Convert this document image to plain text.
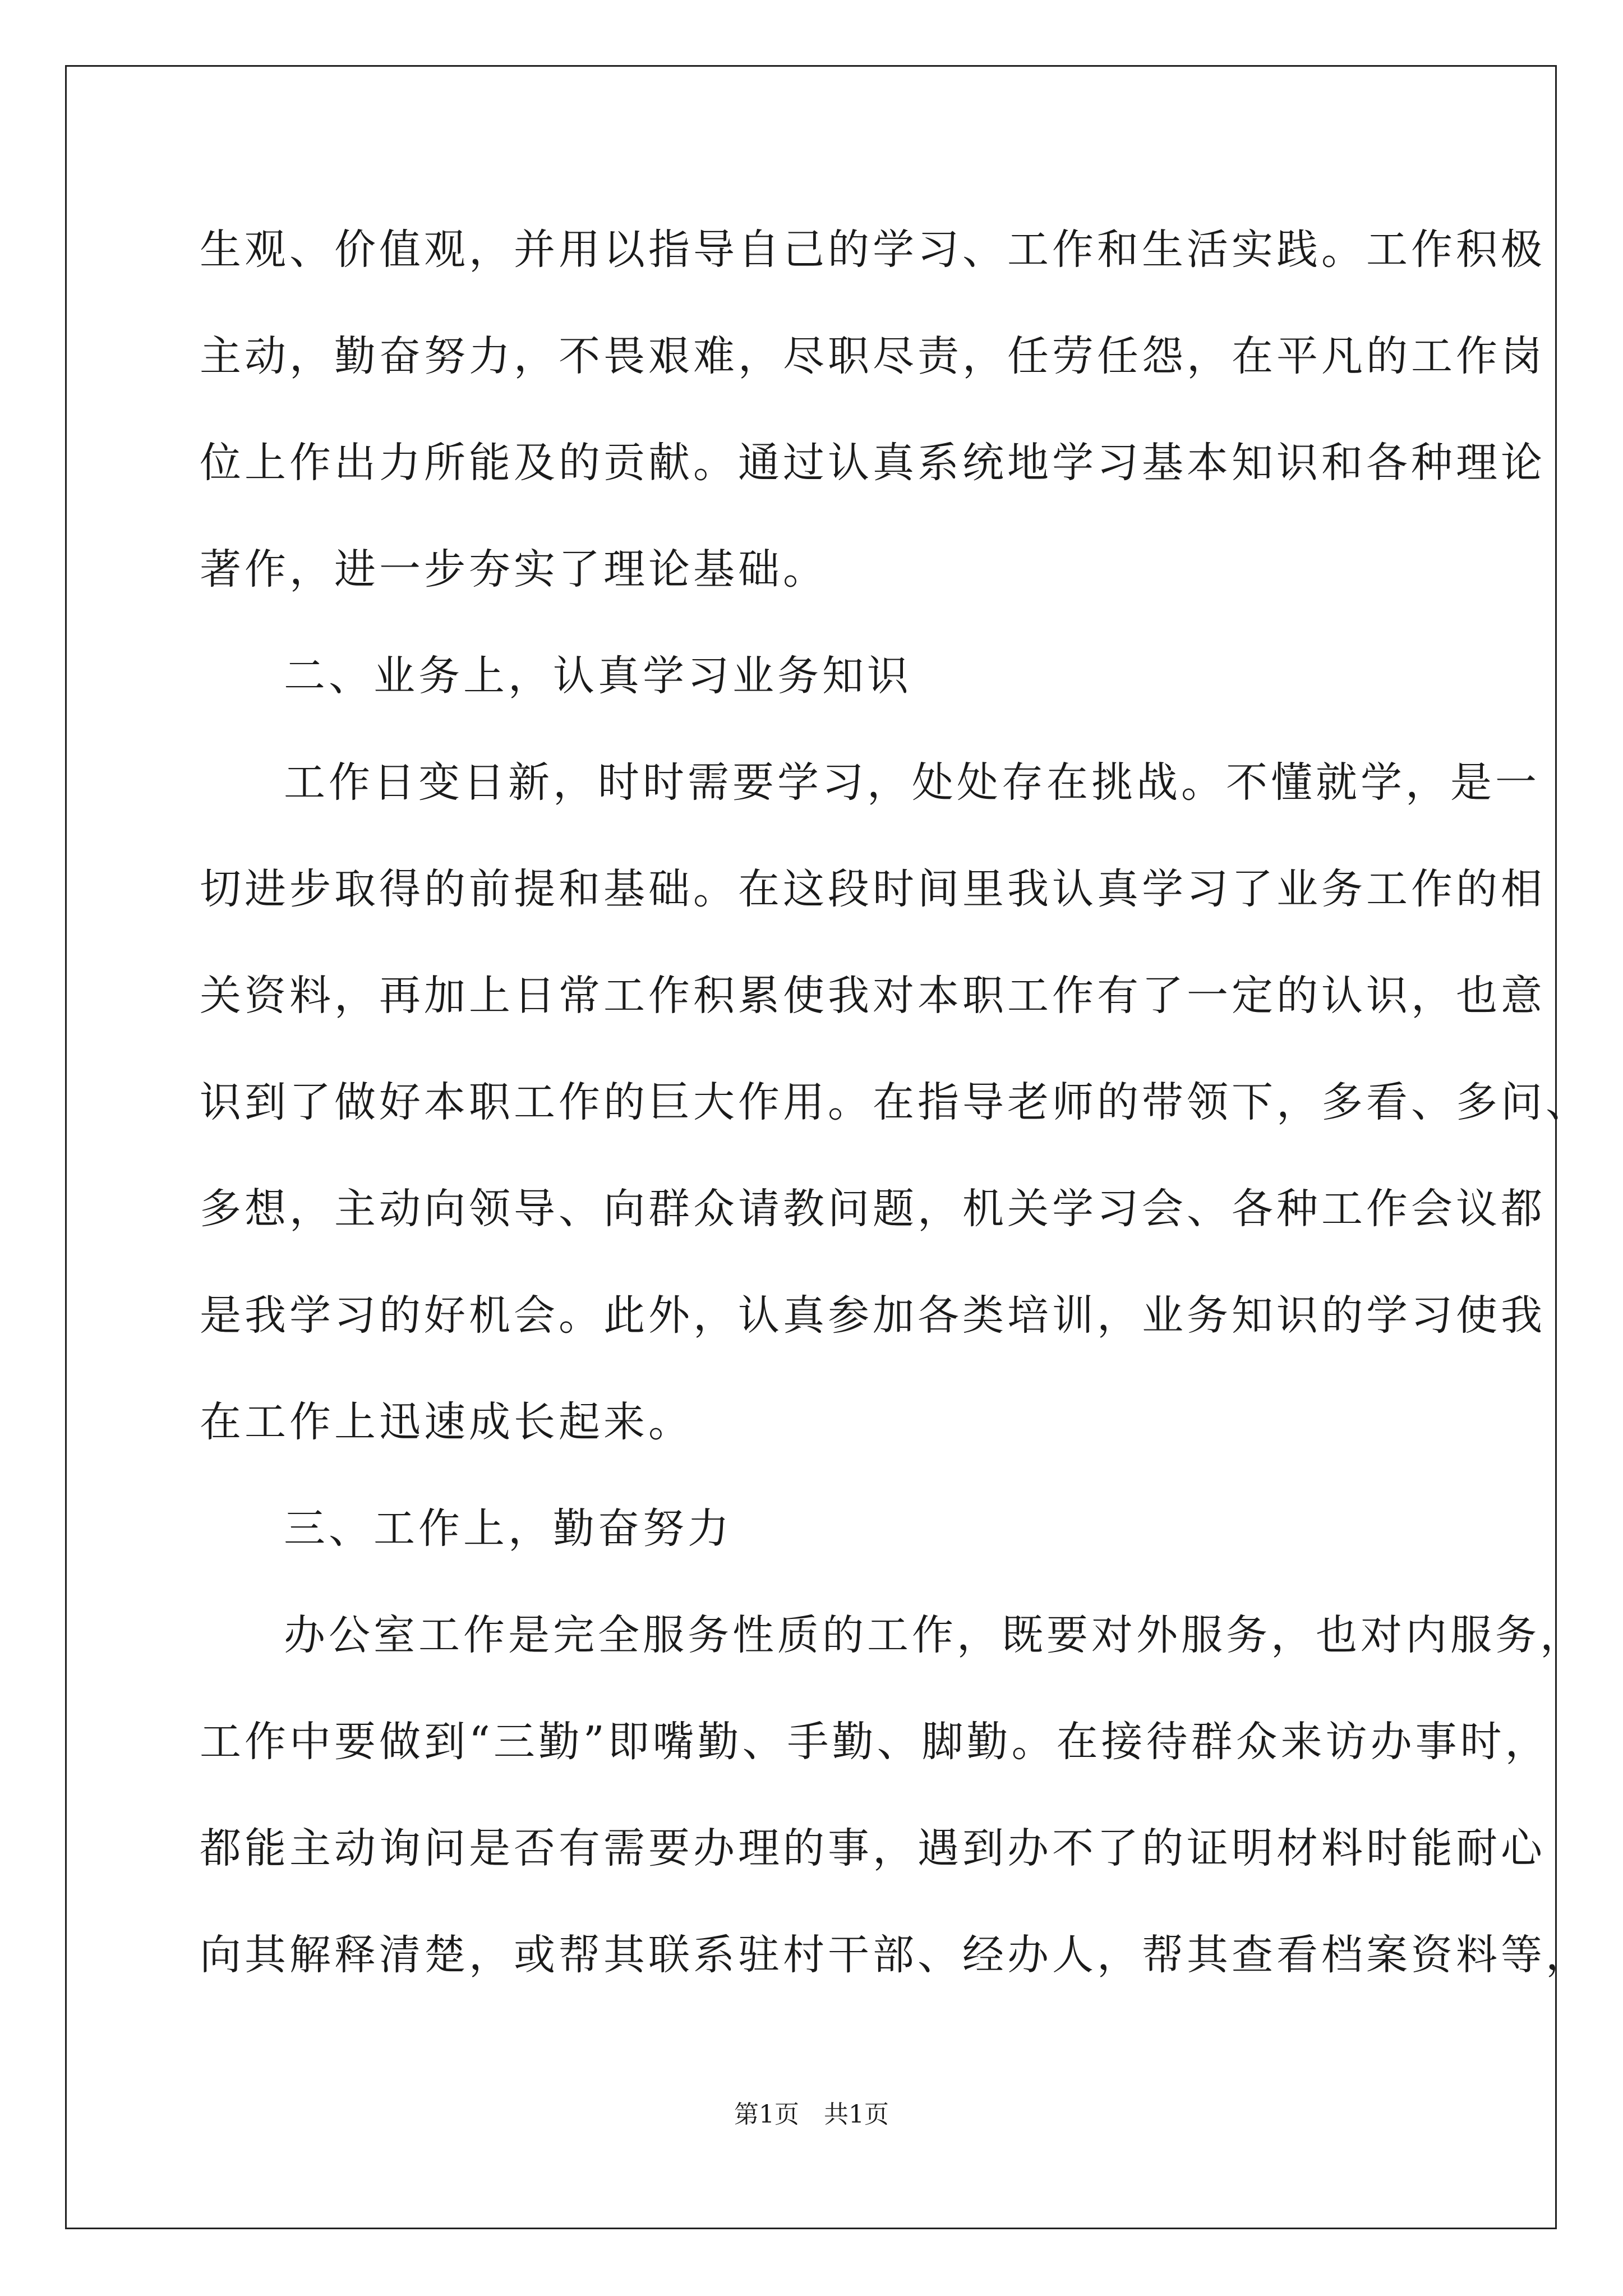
生观、价值观，并用以指导自己的学习、工作和生活实践。工作积极
主动，勤奋努力，不畏艰难，尽职尽责，任劳任怨，在平凡的工作岗
位上作出力所能及的贡献。通过认真系统地学习基本知识和各种理论
著作，进一步夯实了理论基础。
二、业务上，认真学习业务知识
工作日变日新，时时需要学习，处处存在挑战。不懂就学，是一
切进步取得的前提和基础。在这段时间里我认真学习了业务工作的相
关资料，再加上日常工作积累使我对本职工作有了一定的认识，也意
识到了做好本职工作的巨大作用。在指导老师的带领下，多看、多问、
多想，主动向领导、向群众请教问题，机关学习会、各种工作会议都
是我学习的好机会。此外，认真参加各类培训，业务知识的学习使我
在工作上迅速成长起来。
三、工作上，勤奋努力
办公室工作是完全服务性质的工作，既要对外服务，也对内服务，
工作中要做到“三勤”即嘴勤、手勤、脚勤。在接待群众来访办事时，
都能主动询问是否有需要办理的事，遇到办不了的证明材料时能耐心
向其解释清楚，或帮其联系驻村干部、经办人，帮其查看档案资料等，
第1页　共1页
